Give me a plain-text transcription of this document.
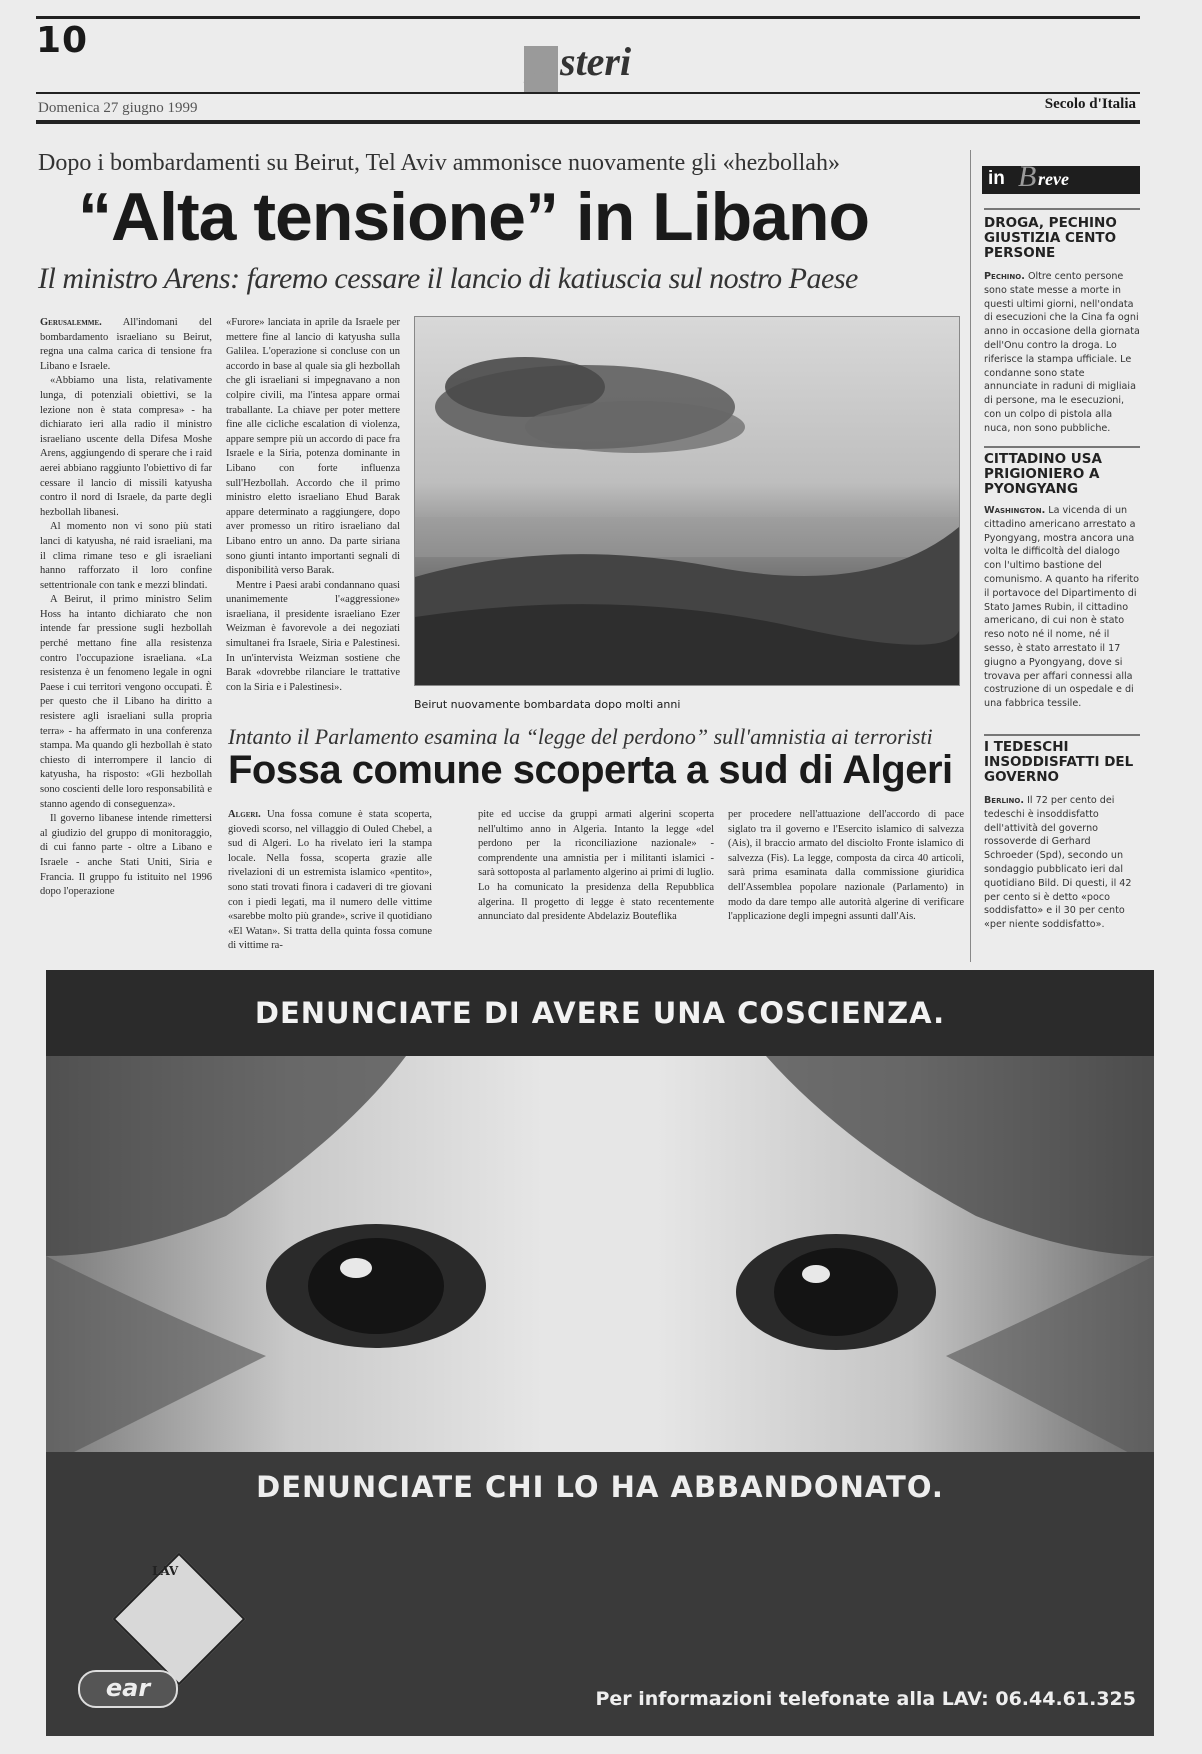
10
E steri
Domenica 27 giugno 1999	Secolo d'Italia
Dopo i bombardamenti su Beirut, Tel Aviv ammonisce nuovamente gli «hezbollah»
“Alta tensione” in Libano
Il ministro Arens: faremo cessare il lancio di katiuscia sul nostro Paese

Gerusalemme. All'indomani del bombardamento israeliano su Beirut, regna una calma carica di tensione fra Libano e Israele.

«Abbiamo una lista, relativamente lunga, di potenziali obiettivi, se la lezione non è stata compresa» - ha dichiarato ieri alla radio il ministro israeliano uscente della Difesa Moshe Arens, aggiungendo di sperare che i raid aerei abbiano raggiunto l'obiettivo di far cessare il lancio di missili katyusha contro il nord di Israele, da parte degli hezbollah libanesi.

Al momento non vi sono più stati lanci di katyusha, né raid israeliani, ma il clima rimane teso e gli israeliani hanno rafforzato il loro confine settentrionale con tank e mezzi blindati.

A Beirut, il primo ministro Selim Hoss ha intanto dichiarato che non intende far pressione sugli hezbollah perché mettano fine alla resistenza contro l'occupazione israeliana. «La resistenza è un fenomeno legale in ogni Paese i cui territori vengono occupati. È per questo che il Libano ha diritto a resistere agli israeliani sulla propria terra» - ha affermato in una conferenza stampa. Ma quando gli hezbollah è stato chiesto di interrompere il lancio di katyusha, ha risposto: «Gli hezbollah sono coscienti delle loro responsabilità e stanno agendo di conseguenza».

Il governo libanese intende rimettersi al giudizio del gruppo di monitoraggio, di cui fanno parte - oltre a Libano e Israele - anche Stati Uniti, Siria e Francia. Il gruppo fu istituito nel 1996 dopo l'operazione

«Furore» lanciata in aprile da Israele per mettere fine al lancio di katyusha sulla Galilea. L'operazione si concluse con un accordo in base al quale sia gli hezbollah che gli israeliani si impegnavano a non colpire civili, ma l'intesa appare ormai traballante. La chiave per poter mettere fine alle cicliche escalation di violenza, appare sempre più un accordo di pace fra Israele e la Siria, potenza dominante in Libano con forte influenza sull'Hezbollah. Accordo che il primo ministro eletto israeliano Ehud Barak appare determinato a raggiungere, dopo aver promesso un ritiro israeliano dal Libano entro un anno. Da parte siriana sono giunti intanto importanti segnali di disponibilità verso Barak.

Mentre i Paesi arabi condannano quasi unanimemente l'«aggressione» israeliana, il presidente israeliano Ezer Weizman è favorevole a dei negoziati simultanei fra Israele, Siria e Palestinesi. In un'intervista Weizman sostiene che Barak «dovrebbe rilanciare le trattative con la Siria e i Palestinesi».

Beirut nuovamente bombardata dopo molti anni
Intanto il Parlamento esamina la “legge del perdono” sull'amnistia ai terroristi
Fossa comune scoperta a sud di Algeri

Algeri. Una fossa comune è stata scoperta, giovedì scorso, nel villaggio di Ouled Chebel, a sud di Algeri. Lo ha rivelato ieri la stampa locale. Nella fossa, scoperta grazie alle rivelazioni di un estremista islamico «pentito», sono stati trovati finora i cadaveri di tre giovani con i piedi legati, ma il numero delle vittime «sarebbe molto più grande», scrive il quotidiano «El Watan». Si tratta della quinta fossa comune di vittime ra-

pite ed uccise da gruppi armati algerini scoperta nell'ultimo anno in Algeria. Intanto la legge «del perdono per la riconciliazione nazionale» - comprendente una amnistia per i militanti islamici - sarà sottoposta al parlamento algerino ai primi di luglio. Lo ha comunicato la presidenza della Repubblica algerina. Il progetto di legge è stato recentemente annunciato dal presidente Abdelaziz Bouteflika

per procedere nell'attuazione dell'accordo di pace siglato tra il governo e l'Esercito islamico di salvezza (Ais), il braccio armato del disciolto Fronte islamico di salvezza (Fis). La legge, composta da circa 40 articoli, sarà prima esaminata dalla commissione giuridica dell'Assemblea popolare nazionale (Parlamento) in modo da dare tempo alle autorità algerine di verificare l'applicazione degli impegni assunti dall'Ais.

in B reve
DROGA, PECHINO GIUSTIZIA CENTO PERSONE
Pechino. Oltre cento persone sono state messe a morte in questi ultimi giorni, nell'ondata di esecuzioni che la Cina fa ogni anno in occasione della giornata dell'Onu contro la droga. Lo riferisce la stampa ufficiale. Le condanne sono state annunciate in raduni di migliaia di persone, ma le esecuzioni, con un colpo di pistola alla nuca, non sono pubbliche.
CITTADINO USA PRIGIONIERO A PYONGYANG
Washington. La vicenda di un cittadino americano arrestato a Pyongyang, mostra ancora una volta le difficoltà del dialogo con l'ultimo bastione del comunismo. A quanto ha riferito il portavoce del Dipartimento di Stato James Rubin, il cittadino americano, di cui non è stato reso noto né il nome, né il sesso, è stato arrestato il 17 giugno a Pyongyang, dove si trovava per affari connessi alla costruzione di un ospedale e di una fabbrica tessile.
I TEDESCHI INSODDISFATTI DEL GOVERNO
Berlino. Il 72 per cento dei tedeschi è insoddisfatto dell'attività del governo rossoverde di Gerhard Schroeder (Spd), secondo un sondaggio pubblicato ieri dal quotidiano Bild. Di questi, il 42 per cento si è detto «poco soddisfatto» e il 30 per cento «per niente soddisfatto».
DENUNCIATE DI AVERE UNA COSCIENZA.
DENUNCIATE CHI LO HA ABBANDONATO.
LAV
ear	Per informazioni telefonate alla LAV: 06.44.61.325
